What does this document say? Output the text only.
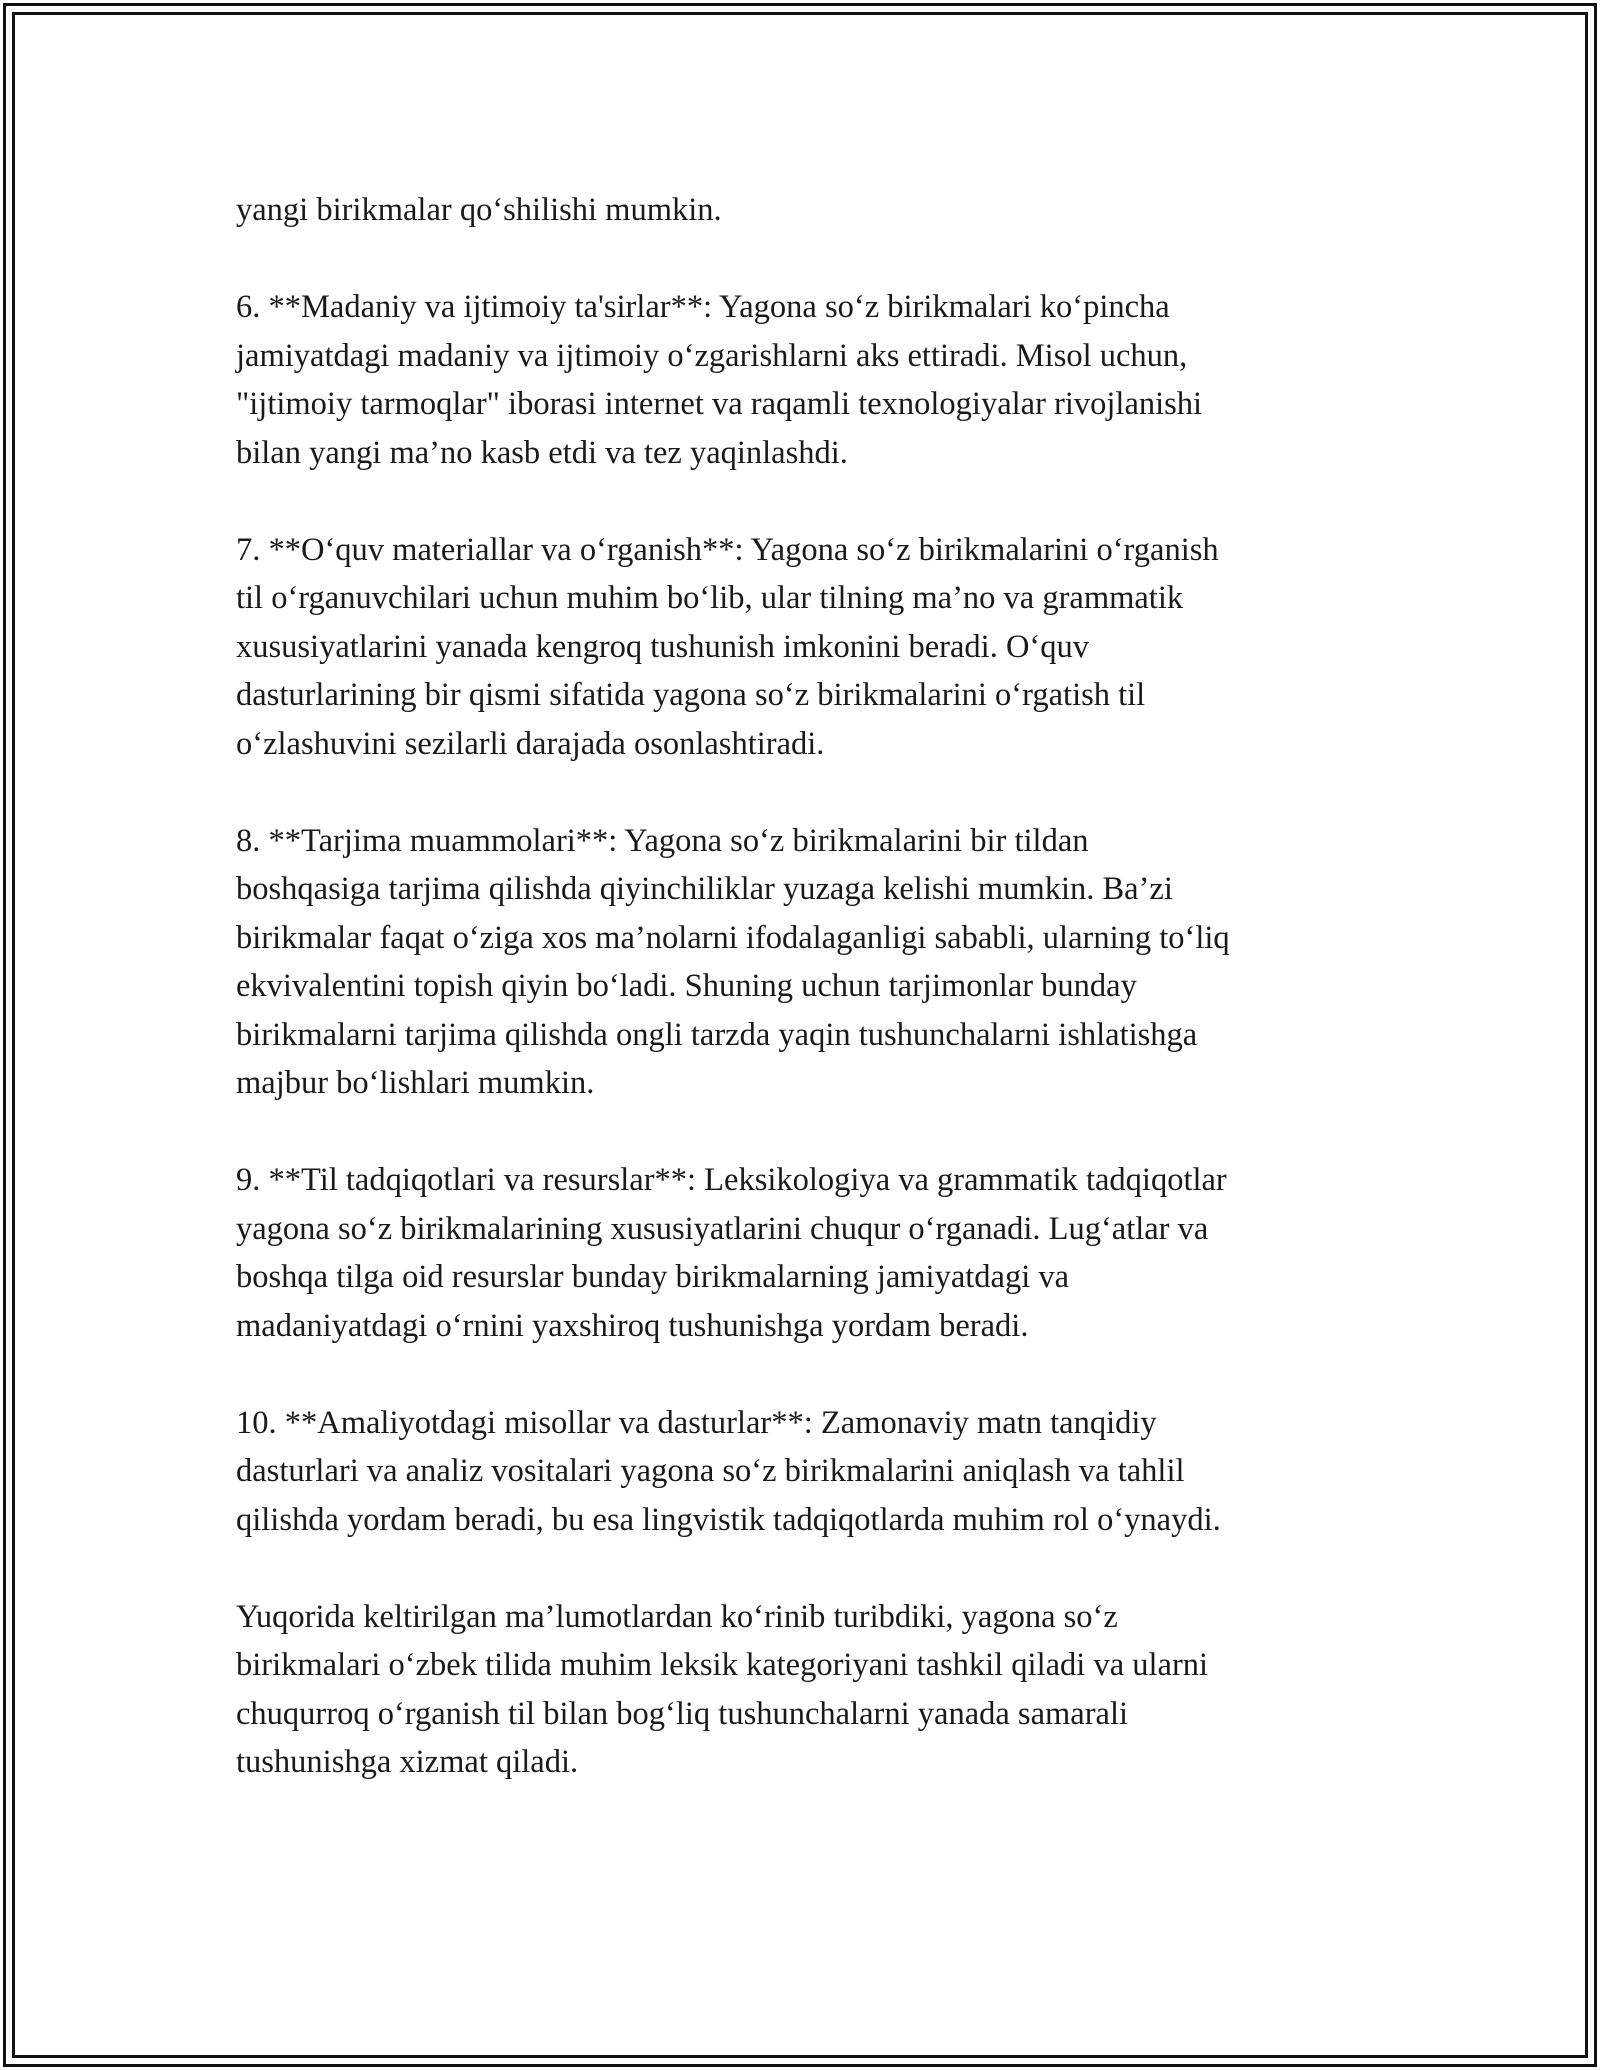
yangi birikmalar qo‘shilishi mumkin.

6. **Madaniy va ijtimoiy ta'sirlar**: Yagona so‘z birikmalari ko‘pincha
jamiyatdagi madaniy va ijtimoiy o‘zgarishlarni aks ettiradi. Misol uchun,
"ijtimoiy tarmoqlar" iborasi internet va raqamli texnologiyalar rivojlanishi
bilan yangi ma’no kasb etdi va tez yaqinlashdi.

7. **O‘quv materiallar va o‘rganish**: Yagona so‘z birikmalarini o‘rganish
til o‘rganuvchilari uchun muhim bo‘lib, ular tilning ma’no va grammatik
xususiyatlarini yanada kengroq tushunish imkonini beradi. O‘quv
dasturlarining bir qismi sifatida yagona so‘z birikmalarini o‘rgatish til
o‘zlashuvini sezilarli darajada osonlashtiradi.

8. **Tarjima muammolari**: Yagona so‘z birikmalarini bir tildan
boshqasiga tarjima qilishda qiyinchiliklar yuzaga kelishi mumkin. Ba’zi
birikmalar faqat o‘ziga xos ma’nolarni ifodalaganligi sababli, ularning to‘liq
ekvivalentini topish qiyin bo‘ladi. Shuning uchun tarjimonlar bunday
birikmalarni tarjima qilishda ongli tarzda yaqin tushunchalarni ishlatishga
majbur bo‘lishlari mumkin.

9. **Til tadqiqotlari va resurslar**: Leksikologiya va grammatik tadqiqotlar
yagona so‘z birikmalarining xususiyatlarini chuqur o‘rganadi. Lug‘atlar va
boshqa tilga oid resurslar bunday birikmalarning jamiyatdagi va
madaniyatdagi o‘rnini yaxshiroq tushunishga yordam beradi.

10. **Amaliyotdagi misollar va dasturlar**: Zamonaviy matn tanqidiy
dasturlari va analiz vositalari yagona so‘z birikmalarini aniqlash va tahlil
qilishda yordam beradi, bu esa lingvistik tadqiqotlarda muhim rol o‘ynaydi.

Yuqorida keltirilgan ma’lumotlardan ko‘rinib turibdiki, yagona so‘z
birikmalari o‘zbek tilida muhim leksik kategoriyani tashkil qiladi va ularni
chuqurroq o‘rganish til bilan bog‘liq tushunchalarni yanada samarali
tushunishga xizmat qiladi.
